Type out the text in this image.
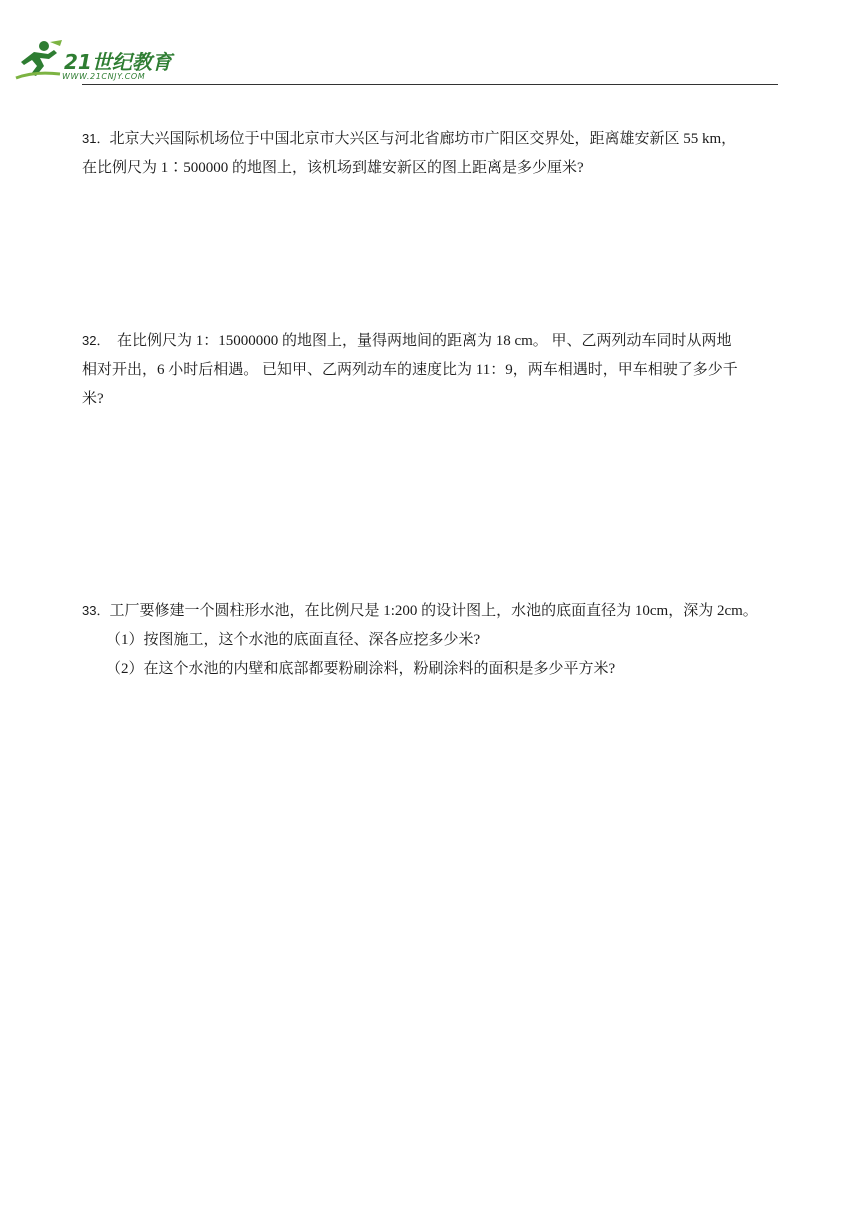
21世纪教育
WWW.21CNJY.COM
31．北京大兴国际机场位于中国北京市大兴区与河北省廊坊市广阳区交界处，距离雄安新区 55 km，
在比例尺为 1∶500000 的地图上，该机场到雄安新区的图上距离是多少厘米?
32． 在比例尺为 1：15000000 的地图上，量得两地间的距离为 18 cm。 甲、乙两列动车同时从两地
相对开出，6 小时后相遇。 已知甲、乙两列动车的速度比为 11：9，两车相遇时，甲车相驶了多少千
米?
33．工厂要修建一个圆柱形水池，在比例尺是 1:200 的设计图上，水池的底面直径为 10cm，深为 2cm。
（1）按图施工，这个水池的底面直径、深各应挖多少米?
（2）在这个水池的内壁和底部都要粉刷涂料，粉刷涂料的面积是多少平方米?
